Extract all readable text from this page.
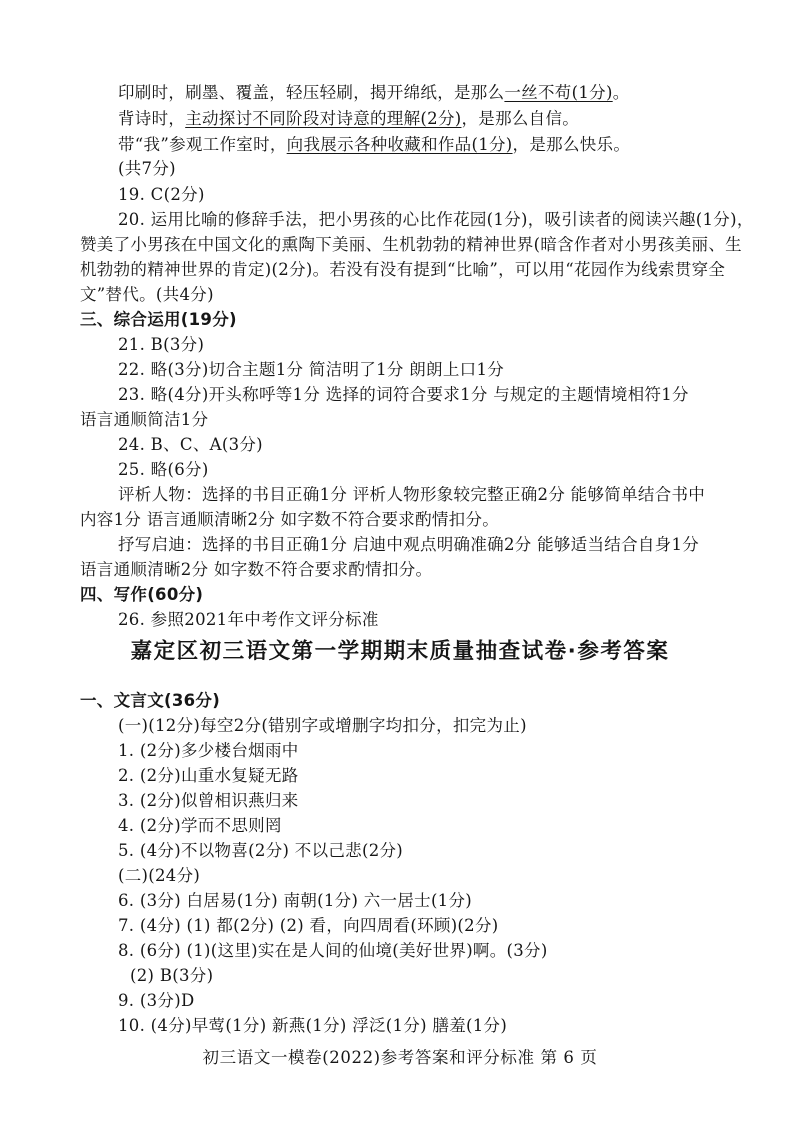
印刷时，刷墨、覆盖，轻压轻刷，揭开绵纸，是那么一丝不苟(1分)。
背诗时，主动探讨不同阶段对诗意的理解(2分)，是那么自信。
带“我”参观工作室时，向我展示各种收藏和作品(1分)，是那么快乐。
(共7分)
19. C(2分)
20. 运用比喻的修辞手法，把小男孩的心比作花园(1分)，吸引读者的阅读兴趣(1分)，
赞美了小男孩在中国文化的熏陶下美丽、生机勃勃的精神世界(暗含作者对小男孩美丽、生
机勃勃的精神世界的肯定)(2分)。若没有没有提到“比喻”，可以用“花园作为线索贯穿全
文”替代。(共4分)
三、综合运用(19分)
21. B(3分)
22. 略(3分)切合主题1分 简洁明了1分 朗朗上口1分
23. 略(4分)开头称呼等1分 选择的词符合要求1分 与规定的主题情境相符1分
语言通顺简洁1分
24. B、C、A(3分)
25. 略(6分)
评析人物：选择的书目正确1分 评析人物形象较完整正确2分 能够简单结合书中
内容1分 语言通顺清晰2分 如字数不符合要求酌情扣分。
抒写启迪：选择的书目正确1分 启迪中观点明确准确2分 能够适当结合自身1分
语言通顺清晰2分 如字数不符合要求酌情扣分。
四、写作(60分)
26. 参照2021年中考作文评分标准
嘉定区初三语文第一学期期末质量抽查试卷·参考答案
一、文言文(36分)
(一)(12分)每空2分(错别字或增删字均扣分，扣完为止)
1. (2分)多少楼台烟雨中
2. (2分)山重水复疑无路
3. (2分)似曾相识燕归来
4. (2分)学而不思则罔
5. (4分)不以物喜(2分) 不以己悲(2分)
(二)(24分)
6. (3分) 白居易(1分) 南朝(1分) 六一居士(1分)
7. (4分) (1) 都(2分) (2) 看，向四周看(环顾)(2分)
8. (6分) (1)(这里)实在是人间的仙境(美好世界)啊。(3分)
(2) B(3分)
9. (3分)D
10. (4分)早莺(1分) 新燕(1分) 浮泛(1分) 膳羞(1分)
初三语文一模卷(2022)参考答案和评分标准 第 6 页
